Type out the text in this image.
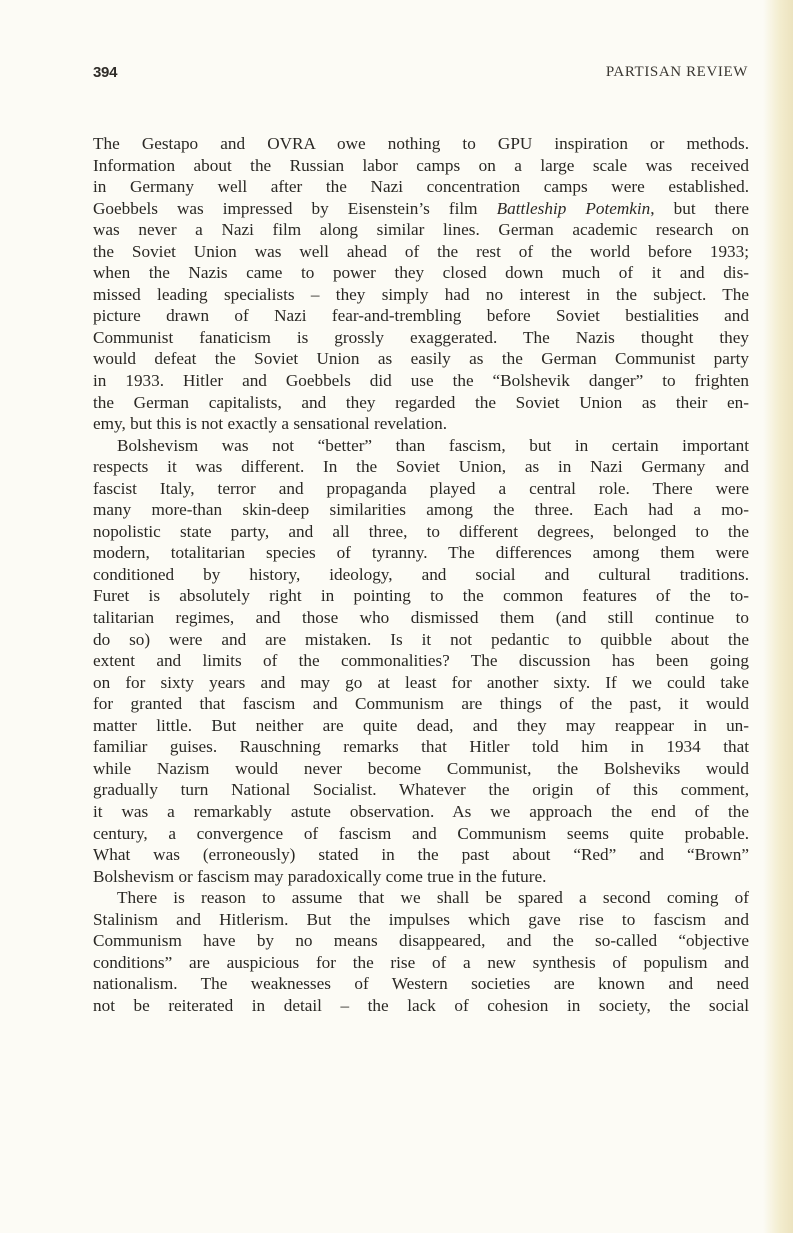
394	PARTISAN REVIEW
The Gestapo and OVRA owe nothing to GPU inspiration or methods.
Information about the Russian labor camps on a large scale was received
in Germany well after the Nazi concentration camps were established.
Goebbels was impressed by Eisenstein’s film Battleship Potemkin, but there
was never a Nazi film along similar lines. German academic research on
the Soviet Union was well ahead of the rest of the world before 1933;
when the Nazis came to power they closed down much of it and dis-
missed leading specialists – they simply had no interest in the subject. The
picture drawn of Nazi fear-and-trembling before Soviet bestialities and
Communist fanaticism is grossly exaggerated. The Nazis thought they
would defeat the Soviet Union as easily as the German Communist party
in 1933. Hitler and Goebbels did use the “Bolshevik danger” to frighten
the German capitalists, and they regarded the Soviet Union as their en-
emy, but this is not exactly a sensational revelation.
Bolshevism was not “better” than fascism, but in certain important
respects it was different. In the Soviet Union, as in Nazi Germany and
fascist Italy, terror and propaganda played a central role. There were
many more-than skin-deep similarities among the three. Each had a mo-
nopolistic state party, and all three, to different degrees, belonged to the
modern, totalitarian species of tyranny. The differences among them were
conditioned by history, ideology, and social and cultural traditions.
Furet is absolutely right in pointing to the common features of the to-
talitarian regimes, and those who dismissed them (and still continue to
do so) were and are mistaken. Is it not pedantic to quibble about the
extent and limits of the commonalities? The discussion has been going
on for sixty years and may go at least for another sixty. If we could take
for granted that fascism and Communism are things of the past, it would
matter little. But neither are quite dead, and they may reappear in un-
familiar guises. Rauschning remarks that Hitler told him in 1934 that
while Nazism would never become Communist, the Bolsheviks would
gradually turn National Socialist. Whatever the origin of this comment,
it was a remarkably astute observation. As we approach the end of the
century, a convergence of fascism and Communism seems quite probable.
What was (erroneously) stated in the past about “Red” and “Brown”
Bolshevism or fascism may paradoxically come true in the future.
There is reason to assume that we shall be spared a second coming of
Stalinism and Hitlerism. But the impulses which gave rise to fascism and
Communism have by no means disappeared, and the so-called “objective
conditions” are auspicious for the rise of a new synthesis of populism and
nationalism. The weaknesses of Western societies are known and need
not be reiterated in detail – the lack of cohesion in society, the social
